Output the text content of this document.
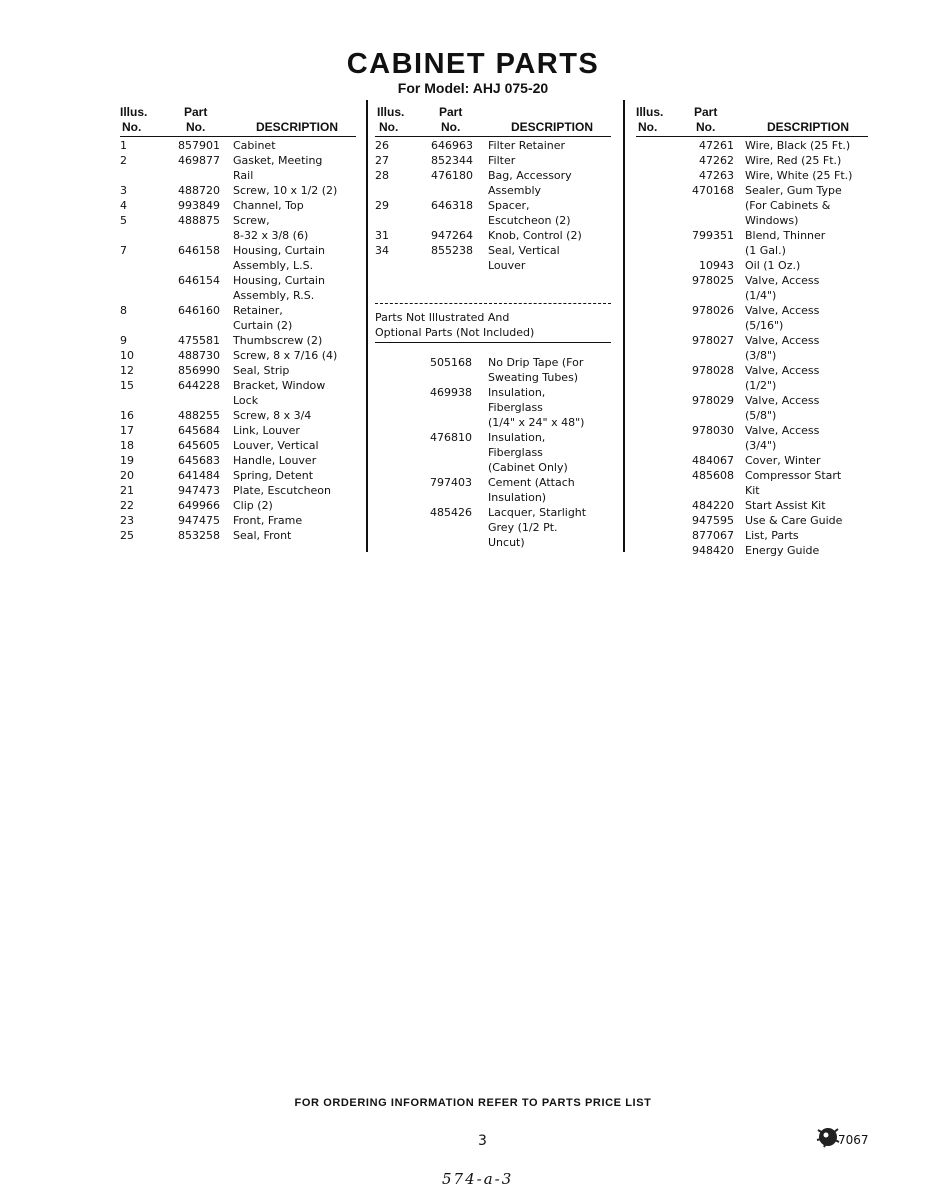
CABINET PARTS
For Model: AHJ 075-20
Illus.
No.
Part
No.	DESCRIPTION
1	857901 Cabinet
2	469877 Gasket, Meeting
Rail
3	488720 Screw, 10 x 1/2 (2)
4	993849 Channel, Top
5	488875 Screw,
8-32 x 3/8 (6)
7	646158 Housing, Curtain
Assembly, L.S.
646154 Housing, Curtain
Assembly, R.S.
8	646160 Retainer,
Curtain (2)
9	475581 Thumbscrew (2)
10	488730 Screw, 8 x 7/16 (4)
12	856990 Seal, Strip
15	644228 Bracket, Window
Lock
16	488255 Screw, 8 x 3/4
17	645684 Link, Louver
18	645605 Louver, Vertical
19	645683 Handle, Louver
20	641484 Spring, Detent
21	947473 Plate, Escutcheon
22	649966 Clip (2)
23	947475 Front, Frame
25	853258 Seal, Front
Illus.
No.
Part
No.	DESCRIPTION
26	646963 Filter Retainer
27	852344 Filter
28	476180 Bag, Accessory
Assembly
29	646318 Spacer,
Escutcheon (2)
31	947264 Knob, Control (2)
34	855238 Seal, Vertical
Louver
Parts Not Illustrated And
Optional Parts (Not Included)
505168 No Drip Tape (For
Sweating Tubes)
469938 Insulation,
Fiberglass
(1/4" x 24" x 48")
476810 Insulation,
Fiberglass
(Cabinet Only)
797403 Cement (Attach
Insulation)
485426 Lacquer, Starlight
Grey (1/2 Pt.
Uncut)
Illus.
No.
Part
No.	DESCRIPTION
47261 Wire, Black (25 Ft.)
47262 Wire, Red (25 Ft.)
47263 Wire, White (25 Ft.)
470168 Sealer, Gum Type
(For Cabinets &
Windows)
799351 Blend, Thinner
(1 Gal.)
10943 Oil (1 Oz.)
978025 Valve, Access
(1/4")
978026 Valve, Access
(5/16")
978027 Valve, Access
(3/8")
978028 Valve, Access
(1/2")
978029 Valve, Access
(5/8")
978030 Valve, Access
(3/4")
484067 Cover, Winter
485608 Compressor Start
Kit
484220 Start Assist Kit
947595 Use & Care Guide
877067 List, Parts
948420 Energy Guide
FOR ORDERING INFORMATION REFER TO PARTS PRICE LIST
3	7067
574-a-3
